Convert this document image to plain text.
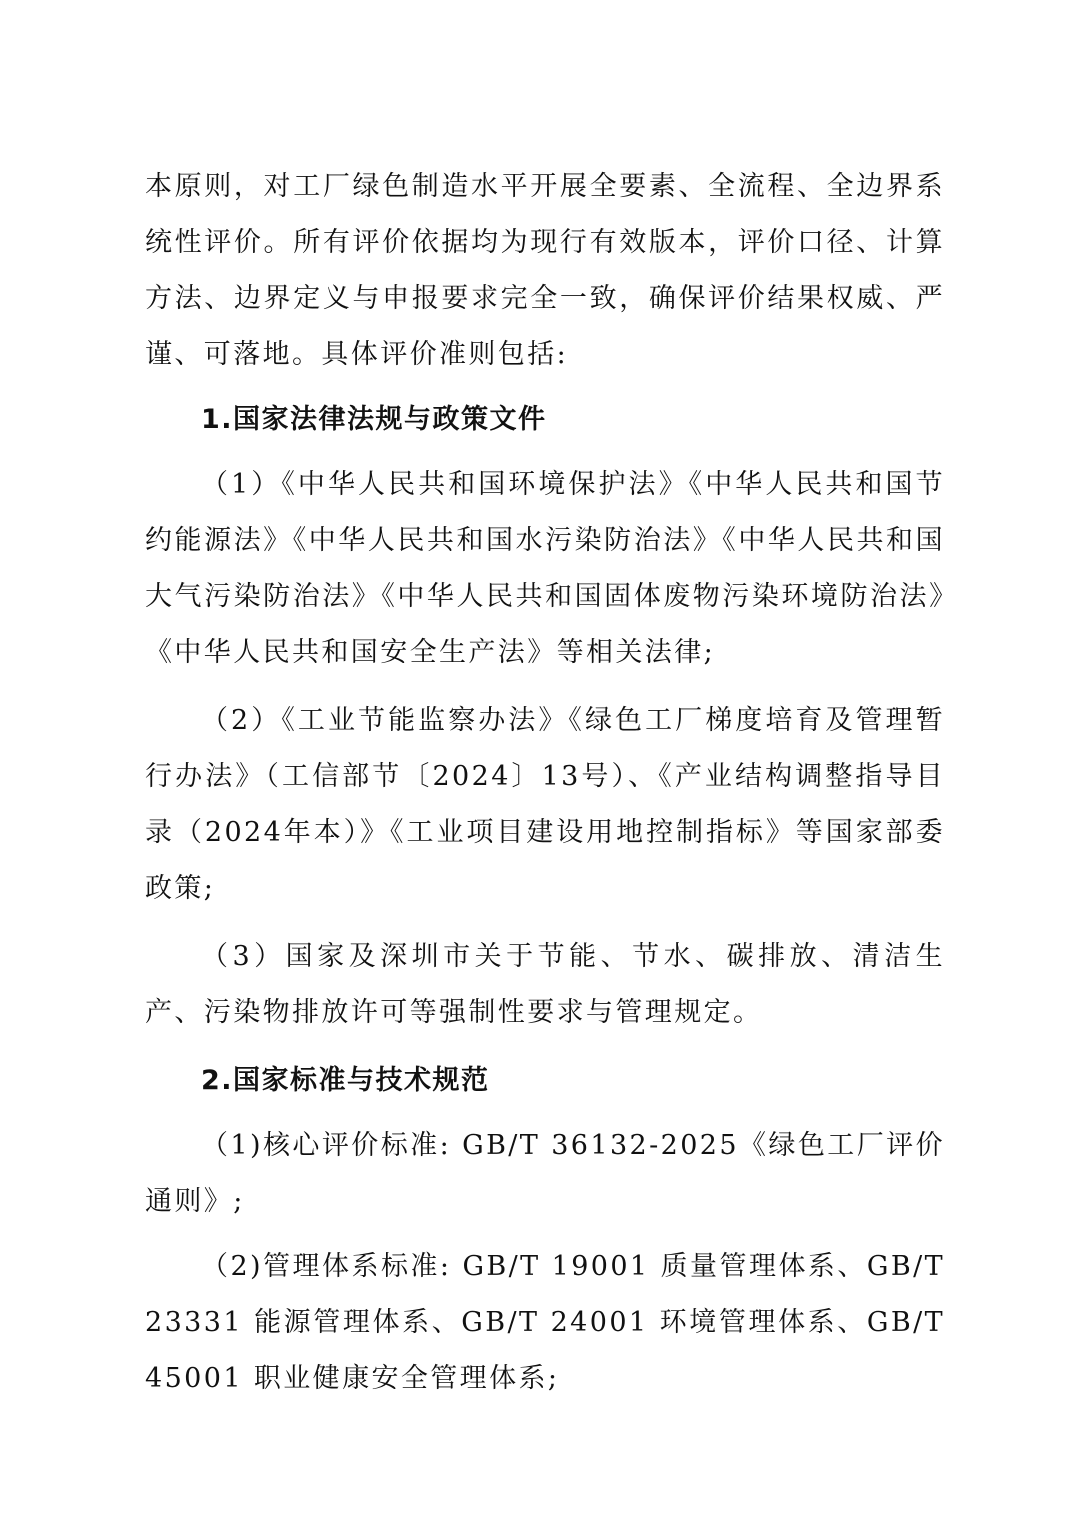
本原则，对工厂绿色制造水平开展全要素、全流程、全边界系统性评价。所有评价依据均为现行有效版本，评价口径、计算方法、边界定义与申报要求完全一致，确保评价结果权威、严谨、可落地。具体评价准则包括:

1.国家法律法规与政策文件

（1）《中华人民共和国环境保护法》《中华人民共和国节约能源法》《中华人民共和国水污染防治法》《中华人民共和国大气污染防治法》《中华人民共和国固体废物污染环境防治法》《中华人民共和国安全生产法》等相关法律;

（2）《工业节能监察办法》《绿色工厂梯度培育及管理暂行办法》（工信部节〔2024〕13号）、《产业结构调整指导目录（2024年本）》《工业项目建设用地控制指标》等国家部委政策;

（3）国家及深圳市关于节能、节水、碳排放、清洁生产、污染物排放许可等强制性要求与管理规定。

2.国家标准与技术规范

（1)核心评价标准: GB/T 36132-2025《绿色工厂评价通则》;

（2)管理体系标准: GB/T 19001 质量管理体系、GB/T 23331 能源管理体系、GB/T 24001 环境管理体系、GB/T 45001 职业健康安全管理体系;
